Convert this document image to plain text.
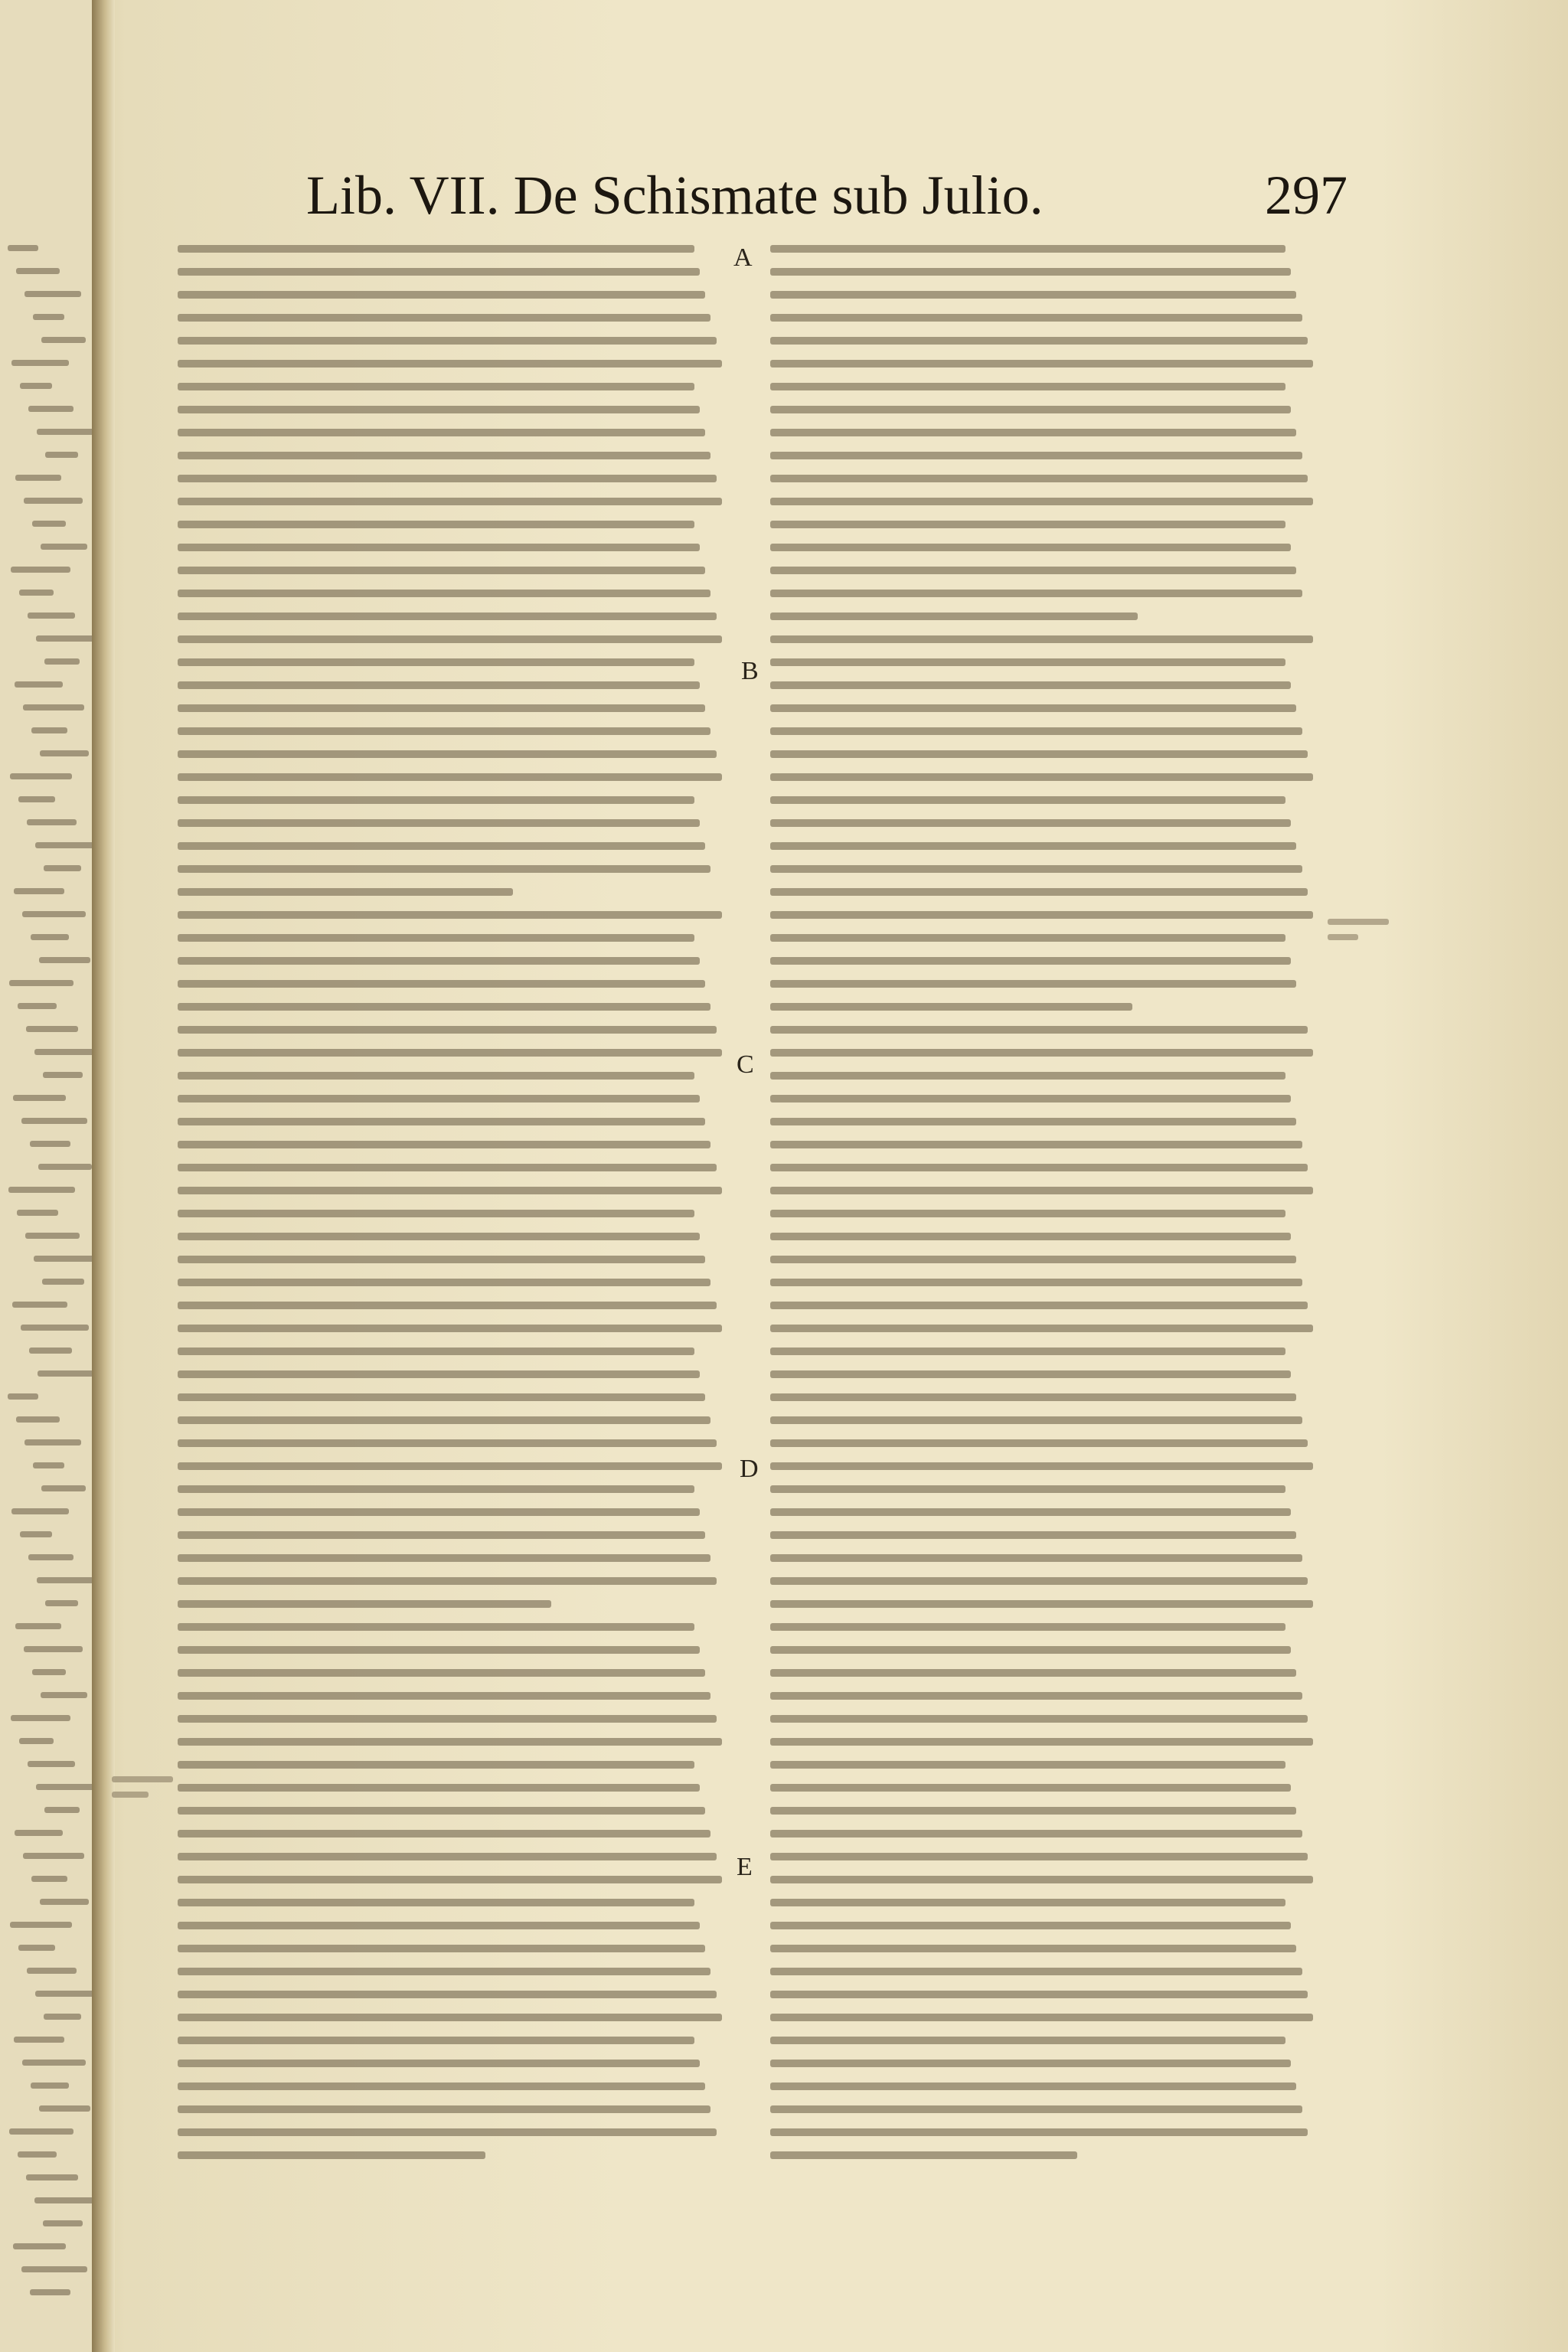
Lib. VII. De Schismate sub Julio.	297
A
B
C
D
E
